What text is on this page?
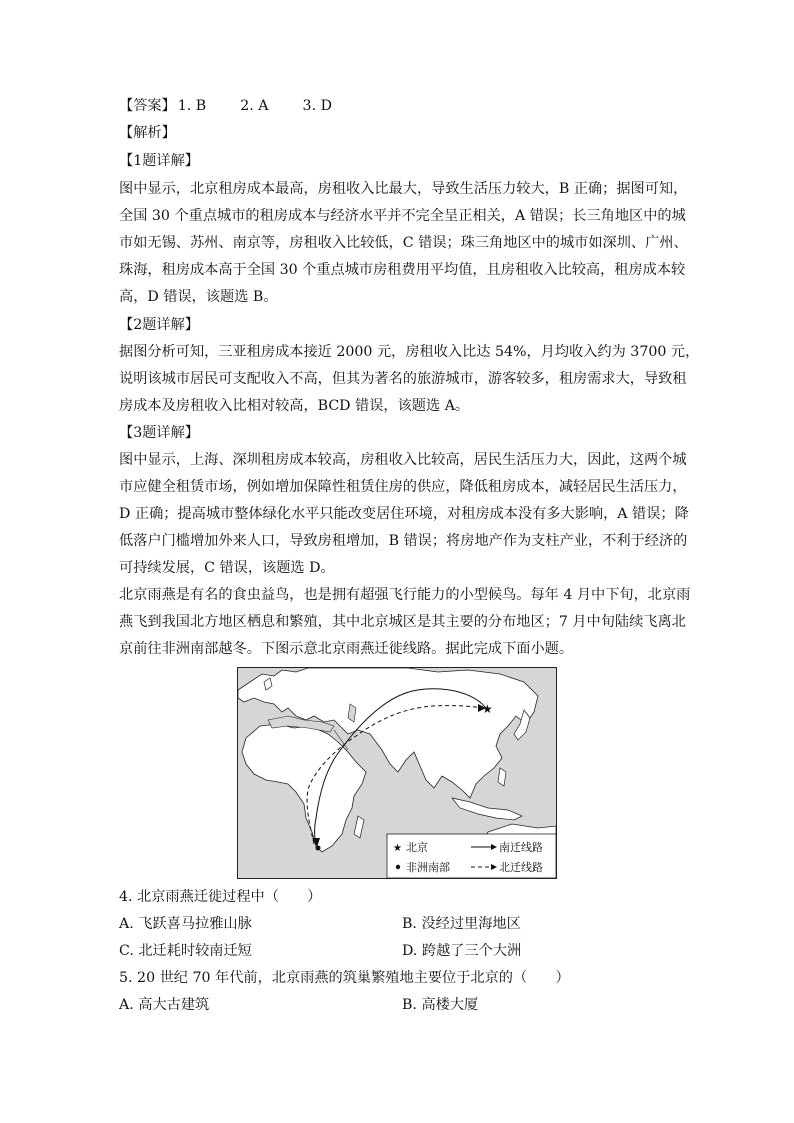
【答案】 1. B 2. A 3. D
【解析】
【1题详解】
图中显示，北京租房成本最高，房租收入比最大，导致生活压力较大，B 正确；据图可知，
全国 30 个重点城市的租房成本与经济水平并不完全呈正相关，A 错误；长三角地区中的城
市如无锡、苏州、南京等，房租收入比较低，C 错误；珠三角地区中的城市如深圳、广州、
珠海，租房成本高于全国 30 个重点城市房租费用平均值，且房租收入比较高，租房成本较
高，D 错误，该题选 B。
【2题详解】
据图分析可知，三亚租房成本接近 2000 元，房租收入比达 54%，月均收入约为 3700 元，
说明该城市居民可支配收入不高，但其为著名的旅游城市，游客较多，租房需求大，导致租
房成本及房租收入比相对较高，BCD 错误，该题选 A。
【3题详解】
图中显示，上海、深圳租房成本较高，房租收入比较高，居民生活压力大，因此，这两个城
市应健全租赁市场，例如增加保障性租赁住房的供应，降低租房成本，减轻居民生活压力，
D 正确；提高城市整体绿化水平只能改变居住环境，对租房成本没有多大影响，A 错误；降
低落户门槛增加外来人口，导致房租增加，B 错误；将房地产作为支柱产业，不利于经济的
可持续发展，C 错误，该题选 D。
北京雨燕是有名的食虫益鸟，也是拥有超强飞行能力的小型候鸟。每年 4 月中下旬，北京雨
燕飞到我国北方地区栖息和繁殖，其中北京城区是其主要的分布地区；7 月中旬陆续飞离北
京前往非洲南部越冬。下图示意北京雨燕迁徙线路。据此完成下面小题。
★
★ 北京
非洲南部
南迁线路
北迁线路
4. 北京雨燕迁徙过程中（　　）
A. 飞跃喜马拉雅山脉	B. 没经过里海地区
C. 北迁耗时较南迁短	D. 跨越了三个大洲
5. 20 世纪 70 年代前，北京雨燕的筑巢繁殖地主要位于北京的（　　）
A. 高大古建筑	B. 高楼大厦
